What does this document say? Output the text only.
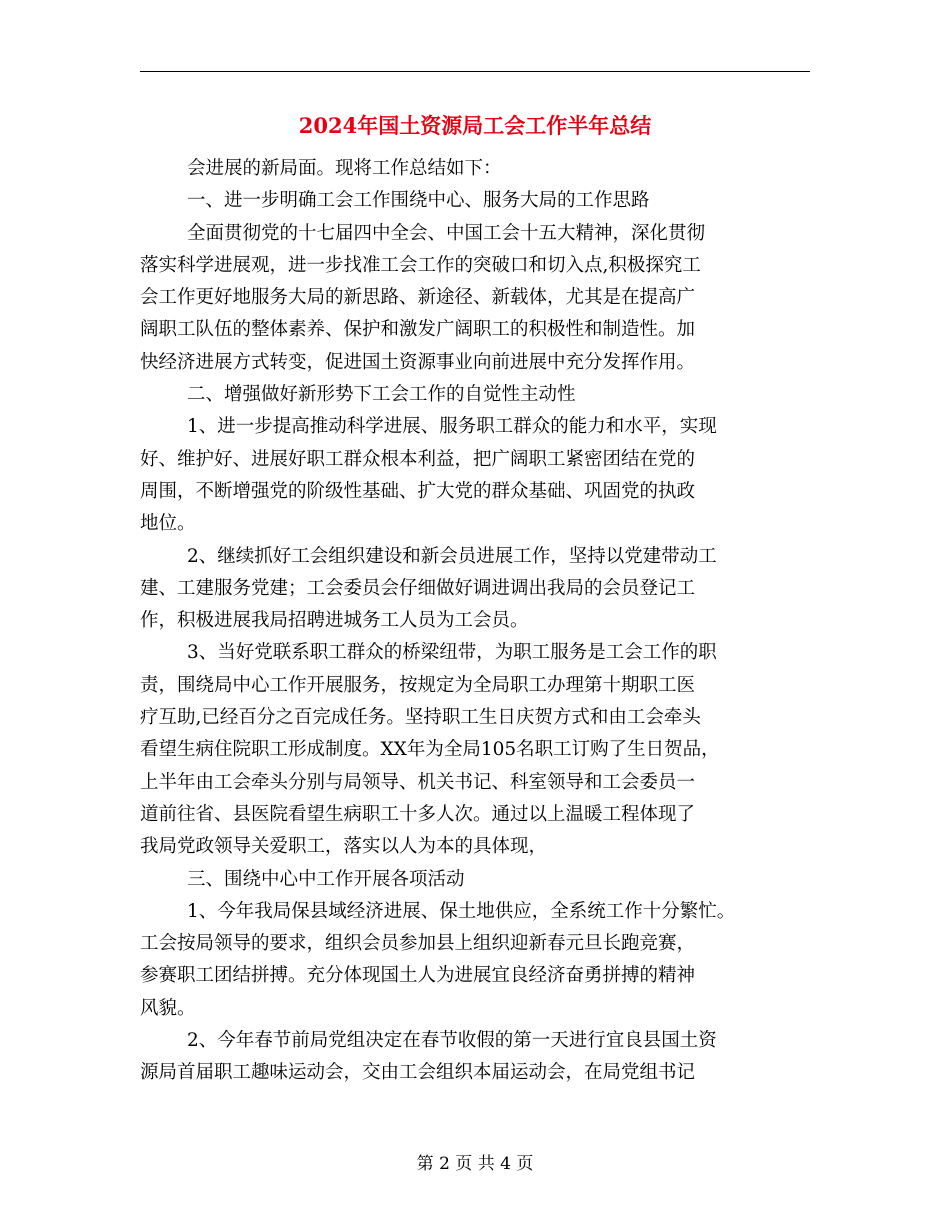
2024年国土资源局工会工作半年总结
会进展的新局面。现将工作总结如下：
一、进一步明确工会工作围绕中心、服务大局的工作思路
全面贯彻党的十七届四中全会、中国工会十五大精神，深化贯彻
落实科学进展观，进一步找准工会工作的突破口和切入点,积极探究工
会工作更好地服务大局的新思路、新途径、新载体，尤其是在提高广
阔职工队伍的整体素养、保护和激发广阔职工的积极性和制造性。加
快经济进展方式转变，促进国土资源事业向前进展中充分发挥作用。
二、增强做好新形势下工会工作的自觉性主动性
1、进一步提高推动科学进展、服务职工群众的能力和水平，实现
好、维护好、进展好职工群众根本利益，把广阔职工紧密团结在党的
周围，不断增强党的阶级性基础、扩大党的群众基础、巩固党的执政
地位。
2、继续抓好工会组织建设和新会员进展工作，坚持以党建带动工
建、工建服务党建；工会委员会仔细做好调进调出我局的会员登记工
作，积极进展我局招聘进城务工人员为工会员。
3、当好党联系职工群众的桥梁纽带，为职工服务是工会工作的职
责，围绕局中心工作开展服务，按规定为全局职工办理第十期职工医
疗互助,已经百分之百完成任务。坚持职工生日庆贺方式和由工会牵头
看望生病住院职工形成制度。XX年为全局105名职工订购了生日贺品，
上半年由工会牵头分别与局领导、机关书记、科室领导和工会委员一
道前往省、县医院看望生病职工十多人次。通过以上温暖工程体现了
我局党政领导关爱职工，落实以人为本的具体现，
三、围绕中心中工作开展各项活动
1、今年我局保县域经济进展、保土地供应，全系统工作十分繁忙。
工会按局领导的要求，组织会员参加县上组织迎新春元旦长跑竞赛，
参赛职工团结拼搏。充分体现国土人为进展宜良经济奋勇拼搏的精神
风貌。
2、今年春节前局党组决定在春节收假的第一天进行宜良县国土资
源局首届职工趣味运动会，交由工会组织本届运动会，在局党组书记
第 2 页 共 4 页
